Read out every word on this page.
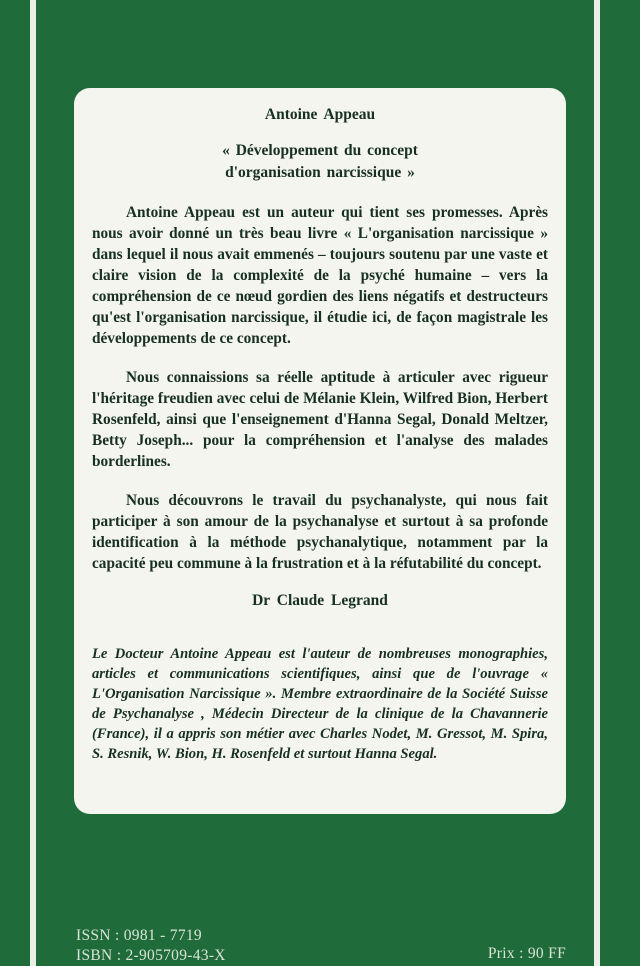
Antoine Appeau
« Développement du concept
d'organisation narcissique »

Antoine Appeau est un auteur qui tient ses promesses. Après nous avoir donné un très beau livre « L'organisation narcissique » dans lequel il nous avait emmenés – toujours soutenu par une vaste et claire vision de la complexité de la psyché humaine – vers la compréhension de ce nœud gordien des liens négatifs et destructeurs qu'est l'organisation narcissique, il étudie ici, de façon magistrale les développements de ce concept.

Nous connaissions sa réelle aptitude à articuler avec rigueur l'héritage freudien avec celui de Mélanie Klein, Wilfred Bion, Herbert Rosenfeld, ainsi que l'enseignement d'Hanna Segal, Donald Meltzer, Betty Joseph... pour la compréhension et l'analyse des malades borderlines.

Nous découvrons le travail du psychanalyste, qui nous fait participer à son amour de la psychanalyse et surtout à sa profonde identification à la méthode psychanalytique, notamment par la capacité peu commune à la frustration et à la réfutabilité du concept.

Dr Claude Legrand

Le Docteur Antoine Appeau est l'auteur de nombreuses monographies, articles et communications scientifiques, ainsi que de l'ouvrage « L'Organisation Narcissique ». Membre extraordinaire de la Société Suisse de Psychanalyse , Médecin Directeur de la clinique de la Chavannerie (France), il a appris son métier avec Charles Nodet, M. Gressot, M. Spira, S. Resnik, W. Bion, H. Rosenfeld et surtout Hanna Segal.

ISSN : 0981 - 7719
ISBN : 2-905709-43-X	Prix : 90 FF
